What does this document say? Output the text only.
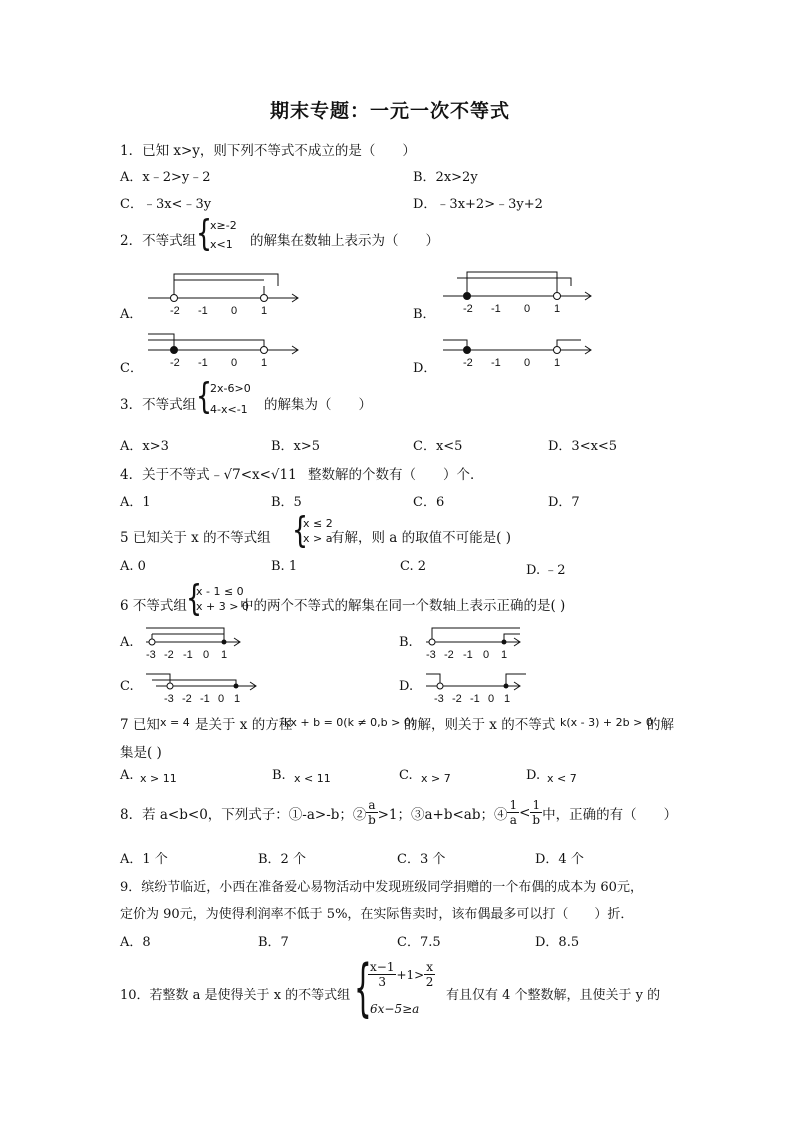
期末专题：一元一次不等式
1．已知 x>y，则下列不等式不成立的是（　　）
A．x﹣2>y﹣2	B．2x>2y
C．﹣3x<﹣3y	D．﹣3x+2>﹣3y+2
2．不等式组 {
x≥-2
x<1 的解集在数轴上表示为（　　）
A．	B．
C．	D．
-2 -1 0 1	-2 -1 0 1
-2 -1 0 1	-2 -1 0 1
3．不等式组 {
2x-6>0
4-x<-1 的解集为（　　）
A．x>3	B．x>5	C．x<5	D．3<x<5
4．关于不等式 ﹣√7<x<√11 整数解的个数有（　　）个．
A．1	B．5	C．6	D．7
5 已知关于 x 的不等式组 {
x ≤ 2
x > a
有解，则 a 的取值不可能是( )
A. 0	B. 1	C. 2	D. ﹣2
6 不等式组 {
x - 1 ≤ 0
x + 3 > 0
中的两个不等式的解集在同一个数轴上表示正确的是( )
A.	B.
C.	D.
-3 -2 -1 0 1	-3 -2 -1 0 1
-3 -2 -1 0 1	-3 -2 -1 0 1
7 已知 x = 4 是关于 x 的方程
kx + b = 0(k ≠ 0,b > 0)
的解，则关于 x 的不等式 k(x - 3) + 2b > 0
的解
集是( )
A. x > 11	B. x < 11	C. x > 7	D. x < 7
8．若 a<b<0，下列式子：①-a>-b；② $\frac{a}{b} >1$；③a+b<ab；④ $\frac{1}{a} < \frac{1}{b}$ 中，正确的有（　　）
A．1 个	B．2 个	C．3 个	D．4 个
9．缤纷节临近，小西在准备爱心易物活动中发现班级同学捐赠的一个布偶的成本为 60元，
定价为 90元，为使得利润率不低于 5%，在实际售卖时，该布偶最多可以打（　　）折．
A．8	B．7	C．7.5	D．8.5
10．若整数 a 是使得关于 x 的不等式组 {
$\frac{x-1}{3} +1> \frac{x}{2}$
6x−5≥a
有且仅有 4 个整数解，且使关于 y 的
